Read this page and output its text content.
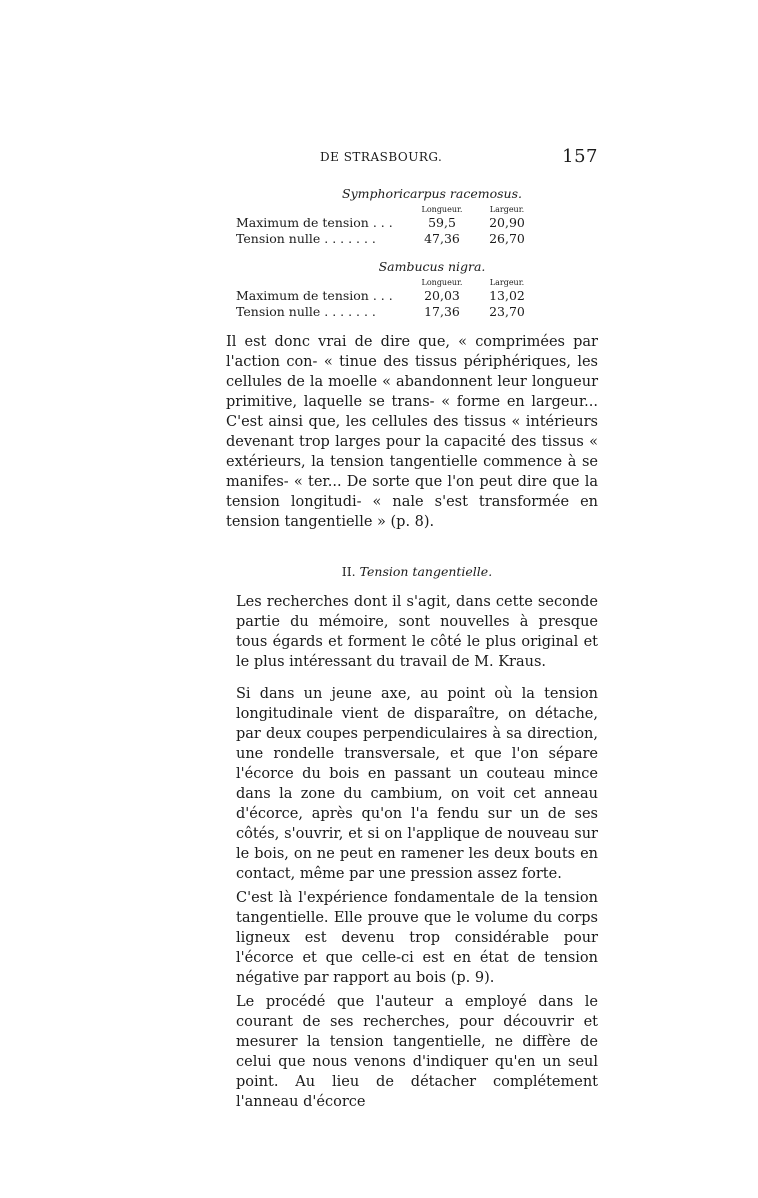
DE STRASBOURG.	157
Symphoricarpus racemosus.
	Longueur.	Largeur.
Maximum de tension . . .	59,5	20,90
Tension nulle . . . . . . .	47,36	26,70
Sambucus nigra.
	Longueur.	Largeur.
Maximum de tension . . .	20,03	13,02
Tension nulle . . . . . . .	17,36	23,70

Il est donc vrai de dire que, « comprimées par l'action con- « tinue des tissus périphériques, les cellules de la moelle « abandonnent leur longueur primitive, laquelle se trans- « forme en largeur... C'est ainsi que, les cellules des tissus « intérieurs devenant trop larges pour la capacité des tissus « extérieurs, la tension tangentielle commence à se manifes- « ter... De sorte que l'on peut dire que la tension longitudi- « nale s'est transformée en tension tangentielle » (p. 8).

II. Tension tangentielle.

Les recherches dont il s'agit, dans cette seconde partie du mémoire, sont nouvelles à presque tous égards et forment le côté le plus original et le plus intéressant du travail de M. Kraus.

Si dans un jeune axe, au point où la tension longitudinale vient de disparaître, on détache, par deux coupes perpendiculaires à sa direction, une rondelle transversale, et que l'on sépare l'écorce du bois en passant un couteau mince dans la zone du cambium, on voit cet anneau d'écorce, après qu'on l'a fendu sur un de ses côtés, s'ouvrir, et si on l'applique de nouveau sur le bois, on ne peut en ramener les deux bouts en contact, même par une pression assez forte.

C'est là l'expérience fondamentale de la tension tangentielle. Elle prouve que le volume du corps ligneux est devenu trop considérable pour l'écorce et que celle-ci est en état de tension négative par rapport au bois (p. 9).

Le procédé que l'auteur a employé dans le courant de ses recherches, pour découvrir et mesurer la tension tangentielle, ne diffère de celui que nous venons d'indiquer qu'en un seul point. Au lieu de détacher complétement l'anneau d'écorce
